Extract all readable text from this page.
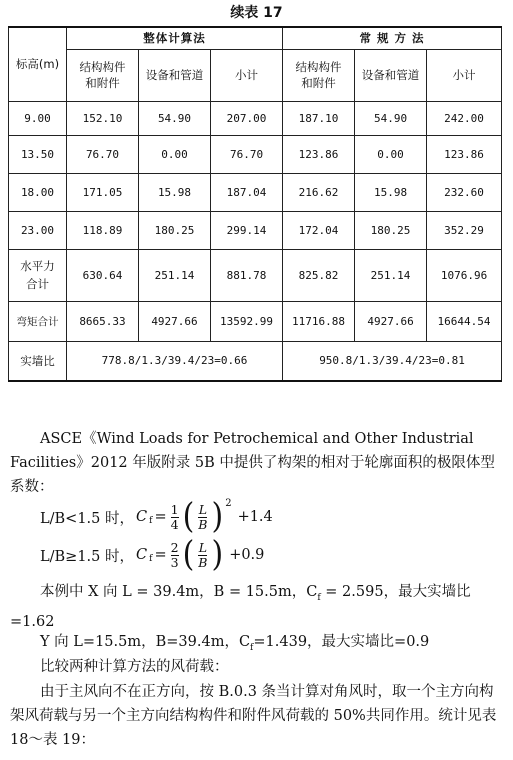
续表 17
标高(m)	整体计算法			常 规 方 法		
	结构构件和附件	设备和管道	小计	结构构件和附件	设备和管道	小计
9.00	152.10	54.90	207.00	187.10	54.90	242.00
13.50	76.70	0.00	76.70	123.86	0.00	123.86
18.00	171.05	15.98	187.04	216.62	15.98	232.60
23.00	118.89	180.25	299.14	172.04	180.25	352.29
水平力合计	630.64	251.14	881.78	825.82	251.14	1076.96
弯矩合计	8665.33	4927.66	13592.99	11716.88	4927.66	16644.54
实墙比	778.8/1.3/39.4/23=0.66			950.8/1.3/39.4/23=0.81		
ASCE《Wind Loads for Petrochemical and Other Industrial Facilities》2012 年版附录 5B 中提供了构架的相对于轮廓面积的极限体型系数：
L/B<1.5 时， $C_f = \frac{1}{4}$ ( $\frac{L}{B}$ ) 2
+1.4
L/B≥1.5 时， $C_f = \frac{2}{3}$ ( $\frac{L}{B}$ ) +0.9
本例中 X 向 L = 39.4m，B = 15.5m，$C_f = 2.595$，最大实墙比=1.62
Y 向 L=15.5m，B=39.4m，$C_f=1.439$，最大实墙比=0.9
比较两种计算方法的风荷载：
由于主风向不在正方向，按 B.0.3 条当计算对角风时，取一个主方向构架风荷载与另一个主方向结构构件和附件风荷载的 50%共同作用。统计见表 18～表 19：
